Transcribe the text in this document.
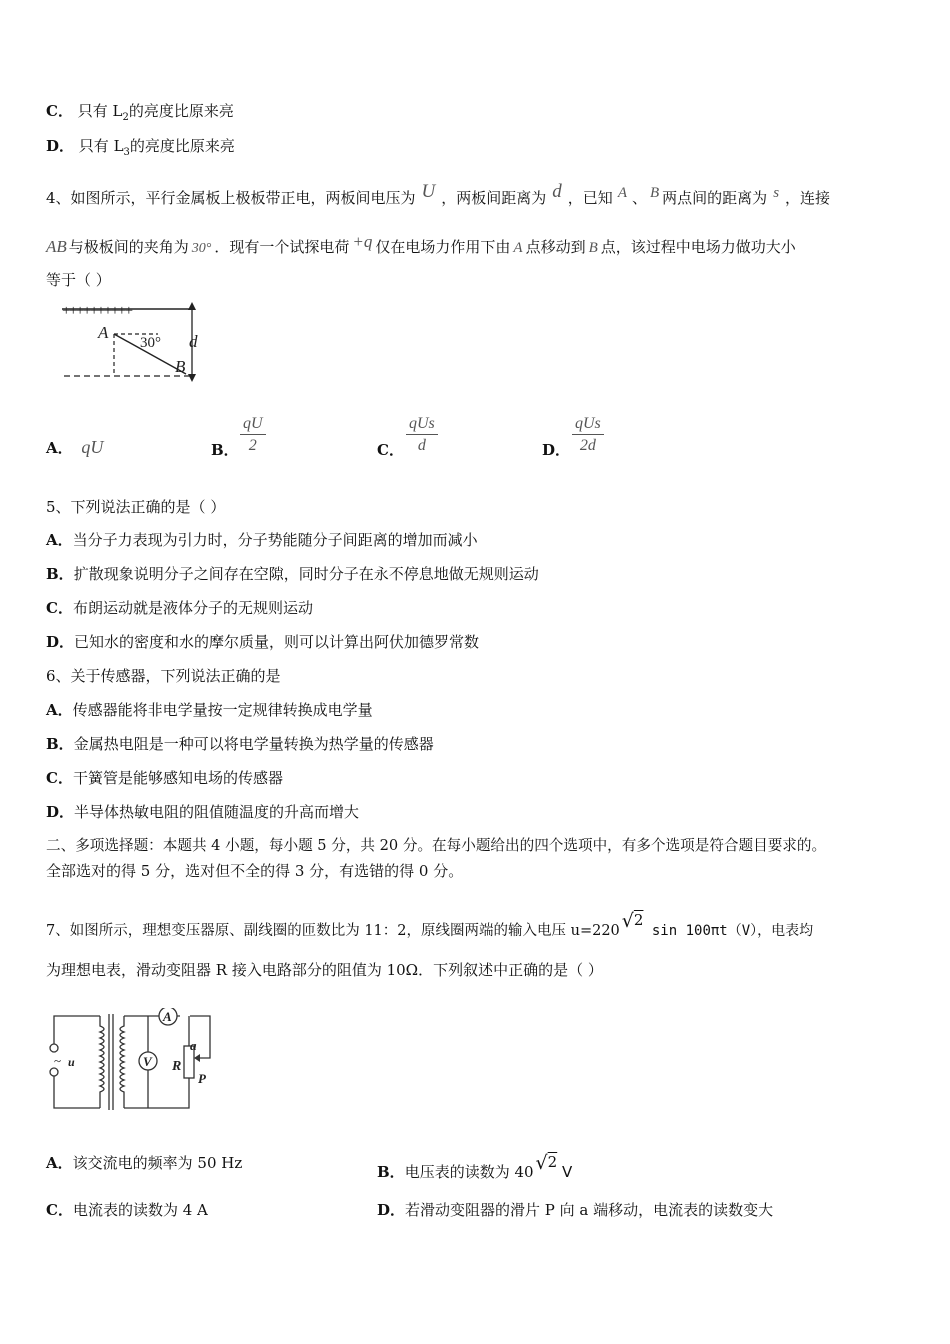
C． 只有 $L_2$的亮度比原来亮
D． 只有 $L_3$的亮度比原来亮
4、如图所示，平行金属板上极板带正电，两板间电压为 U ，两板间距离为 d ，已知 A 、 B 两点间的距离为 s ，连接
AB 与极板间的夹角为 30° ．现有一个试探电荷 +q 仅在电场力作用下由 A 点移动到 B 点，该过程中电场力做功大小
等于（ ）
++++++++++
A
B
d
30°
A． qU	B． $\frac{qU}{2}$	C．
qUs
d	D．
qUs
2d
5、下列说法正确的是（ ）
A．当分子力表现为引力时，分子势能随分子间距离的增加而减小
B．扩散现象说明分子之间存在空隙，同时分子在永不停息地做无规则运动
C．布朗运动就是液体分子的无规则运动
D．已知水的密度和水的摩尔质量，则可以计算出阿伏加德罗常数
6、关于传感器，下列说法正确的是
A．传感器能将非电学量按一定规律转换成电学量
B．金属热电阻是一种可以将电学量转换为热学量的传感器
C．干簧管是能够感知电场的传感器
D．半导体热敏电阻的阻值随温度的升高而增大
二、多项选择题：本题共 4 小题，每小题 5 分，共 20 分。在每小题给出的四个选项中，有多个选项是符合题目要求的。
全部选对的得 5 分，选对但不全的得 3 分，有选错的得 0 分。
7、如图所示，理想变压器原、副线圈的匝数比为 11：2，原线圈两端的输入电压 u=220 √2 sin 100πt（V），电表均
为理想电表，滑动变阻器 R 接入电路部分的阻值为 10Ω．下列叙述中正确的是（ ）
A
V R
a
P
~ u
A．该交流电的频率为 50 Hz	B．电压表的读数为 40 √2 V
C．电流表的读数为 4 A	D．若滑动变阻器的滑片 P 向 a 端移动，电流表的读数变大
